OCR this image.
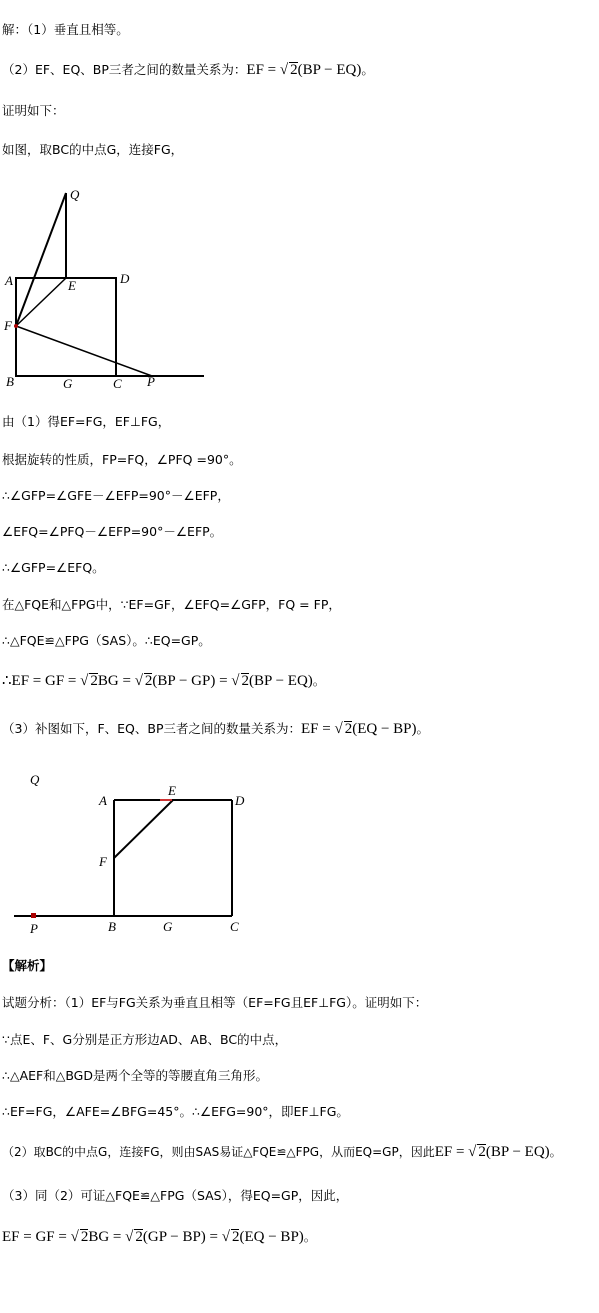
解：（1）垂直且相等。
（2）EF、EQ、BP三者之间的数量关系为：EF = √ 2(BP − EQ)。
证明如下：
如图，取BC的中点G，连接FG，
Q
A	E	D
F
B	G	C P
由（1）得EF=FG，EF⊥FG，
根据旋转的性质，FP=FQ，∠PFQ =90°。
∴∠GFP=∠GFE－∠EFP=90°－∠EFP，
∠EFQ=∠PFQ－∠EFP=90°－∠EFP。
∴∠GFP=∠EFQ。
在△FQE和△FPG中，∵EF=GF，∠EFQ=∠GFP，FQ = FP，
∴△FQE≌△FPG（SAS）。∴EQ=GP。
∴EF = GF = √ 2BG = √ 2(BP − GP) = √ 2(BP − EQ)。
（3）补图如下，F、EQ、BP三者之间的数量关系为：EF = √ 2(EQ − BP)。
Q
A
E
D
F
P	B	G	C
【解析】
试题分析：（1）EF与FG关系为垂直且相等（EF=FG且EF⊥FG）。证明如下：
∵点E、F、G分别是正方形边AD、AB、BC的中点，
∴△AEF和△BGD是两个全等的等腰直角三角形。
∴EF=FG，∠AFE=∠BFG=45°。∴∠EFG=90°，即EF⊥FG。
（2）取BC的中点G，连接FG，则由SAS易证△FQE≌△FPG，从而EQ=GP，因此EF = √ 2(BP − EQ)。
（3）同（2）可证△FQE≌△FPG（SAS），得EQ=GP，因此，
EF = GF = √ 2BG = √ 2(GP − BP) = √ 2(EQ − BP)。
